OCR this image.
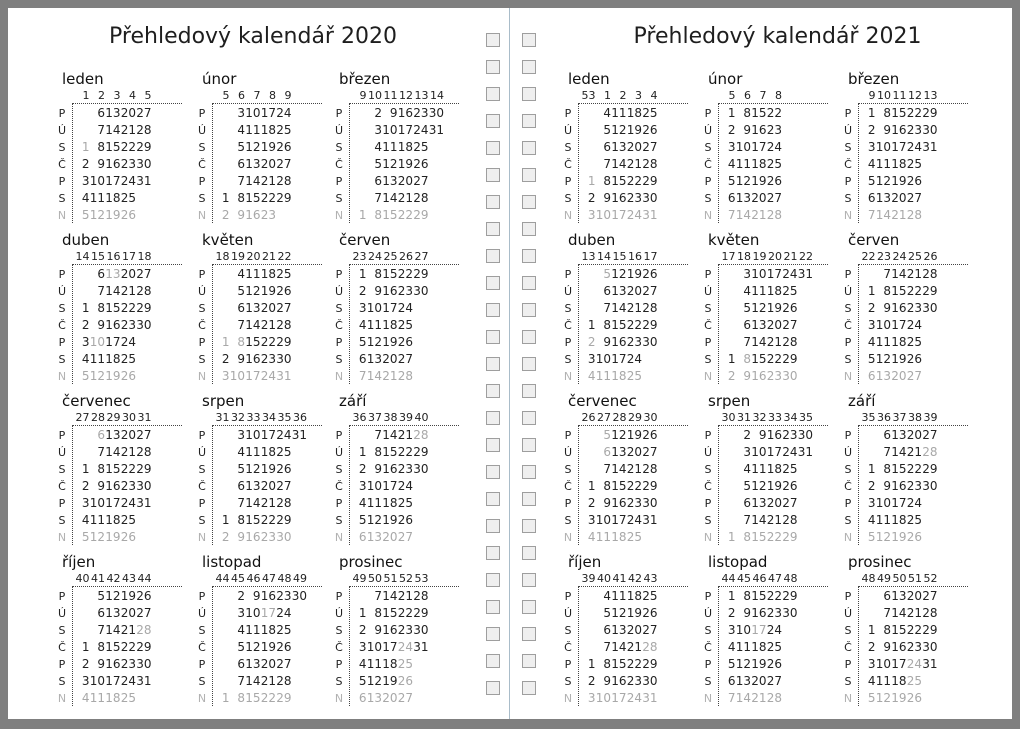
Přehledový kalendář 2020
leden
1 2 3 4 5
P
Ú
S
Č
P
S
N
6132027
7142128
1 8152229
2 9162330
310172431
4111825
5121926
únor
5 6 7 8 9
P
Ú
S
Č
P
S
N
3101724
4111825
5121926
6132027
7142128
1 8152229
2 91623
březen
9 10 11 12 13 14
P
Ú
S
Č
P
S
N
2 9162330
310172431
4111825
5121926
6132027
7142128
1 8152229
duben
14 15 16 17 18
P
Ú
S
Č
P
S
N
6132027
7142128
1 8152229
2 9162330
3101724
4111825
5121926
květen
18 19 20 21 22
P
Ú
S
Č
P
S
N
4111825
5121926
6132027
7142128
1 8152229
2 9162330
310172431
červen
23 24 25 26 27
P
Ú
S
Č
P
S
N
1 8152229
2 9162330
3101724
4111825
5121926
6132027
7142128
červenec
27 28 29 30 31
P
Ú
S
Č
P
S
N
6132027
7142128
1 8152229
2 9162330
310172431
4111825
5121926
srpen
31 32 33 34 35 36
P
Ú
S
Č
P
S
N
310172431
4111825
5121926
6132027
7142128
1 8152229
2 9162330
září
36 37 38 39 40
P
Ú
S
Č
P
S
N
7142128
1 8152229
2 9162330
3101724
4111825
5121926
6132027
říjen
40 41 42 43 44
P
Ú
S
Č
P
S
N
5121926
6132027
7142128
1 8152229
2 9162330
310172431
4111825
listopad
44 45 46 47 48 49
P
Ú
S
Č
P
S
N
2 9162330
3101724
4111825
5121926
6132027
7142128
1 8152229
prosinec
49 50 51 52 53
P
Ú
S
Č
P
S
N
7142128
1 8152229
2 9162330
310172431
4111825
5121926
6132027
Přehledový kalendář 2021
leden
53 1 2 3 4
P
Ú
S
Č
P
S
N
4111825
5121926
6132027
7142128
1 8152229
2 9162330
310172431
únor
5 6 7 8
P
Ú
S
Č
P
S
N
1 81522
2 91623
3101724
4111825
5121926
6132027
7142128
březen
9 10 11 12 13
P
Ú
S
Č
P
S
N
1 8152229
2 9162330
310172431
4111825
5121926
6132027
7142128
duben
13 14 15 16 17
P
Ú
S
Č
P
S
N
5121926
6132027
7142128
1 8152229
2 9162330
3101724
4111825
květen
17 18 19 20 21 22
P
Ú
S
Č
P
S
N
310172431
4111825
5121926
6132027
7142128
1 8152229
2 9162330
červen
22 23 24 25 26
P
Ú
S
Č
P
S
N
7142128
1 8152229
2 9162330
3101724
4111825
5121926
6132027
červenec
26 27 28 29 30
P
Ú
S
Č
P
S
N
5121926
6132027
7142128
1 8152229
2 9162330
310172431
4111825
srpen
30 31 32 33 34 35
P
Ú
S
Č
P
S
N
2 9162330
310172431
4111825
5121926
6132027
7142128
1 8152229
září
35 36 37 38 39
P
Ú
S
Č
P
S
N
6132027
7142128
1 8152229
2 9162330
3101724
4111825
5121926
říjen
39 40 41 42 43
P
Ú
S
Č
P
S
N
4111825
5121926
6132027
7142128
1 8152229
2 9162330
310172431
listopad
44 45 46 47 48
P
Ú
S
Č
P
S
N
1 8152229
2 9162330
3101724
4111825
5121926
6132027
7142128
prosinec
48 49 50 51 52
P
Ú
S
Č
P
S
N
6132027
7142128
1 8152229
2 9162330
310172431
4111825
5121926
